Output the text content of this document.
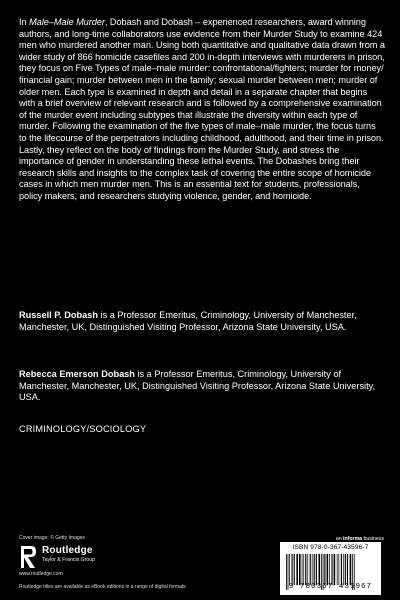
In Male–Male Murder, Dobash and Dobash – experienced researchers, award winning authors, and long-time collaborators use evidence from their Murder Study to examine 424 men who murdered another man. Using both quantitative and qualitative data drawn from a wider study of 866 homicide casefiles and 200 in-depth interviews with murderers in prison, they focus on Five Types of male–male murder: confrontational/fighters; murder for money/ financial gain; murder between men in the family; sexual murder between men; murder of older men. Each type is examined in depth and detail in a separate chapter that begins with a brief overview of relevant research and is followed by a comprehensive examination of the murder event including subtypes that illustrate the diversity within each type of murder. Following the examination of the five types of male–male murder, the focus turns to the lifecourse of the perpetrators including childhood, adulthood, and their time in prison. Lastly, they reflect on the body of findings from the Murder Study, and stress the importance of gender in understanding these lethal events. The Dobashes bring their research skills and insights to the complex task of covering the entire scope of homicide cases in which men murder men. This is an essential text for students, professionals, policy makers, and researchers studying violence, gender, and homicide.

Russell P. Dobash is a Professor Emeritus, Criminology, University of Manchester, Manchester, UK, Distinguished Visiting Professor, Arizona State University, USA.

Rebecca Emerson Dobash is a Professor Emeritus, Criminology, University of Manchester, Manchester, UK, Distinguished Visiting Professor, Arizona State University, USA.

CRIMINOLOGY/SOCIOLOGY
Cover image: © Getty Images
Routledge
Taylor & Francis Group
www.routledge.com
Routledge titles are available as eBook editions in a range of digital formats
an informa business
ISBN 978-0-367-43596-7
9 780367 435967
